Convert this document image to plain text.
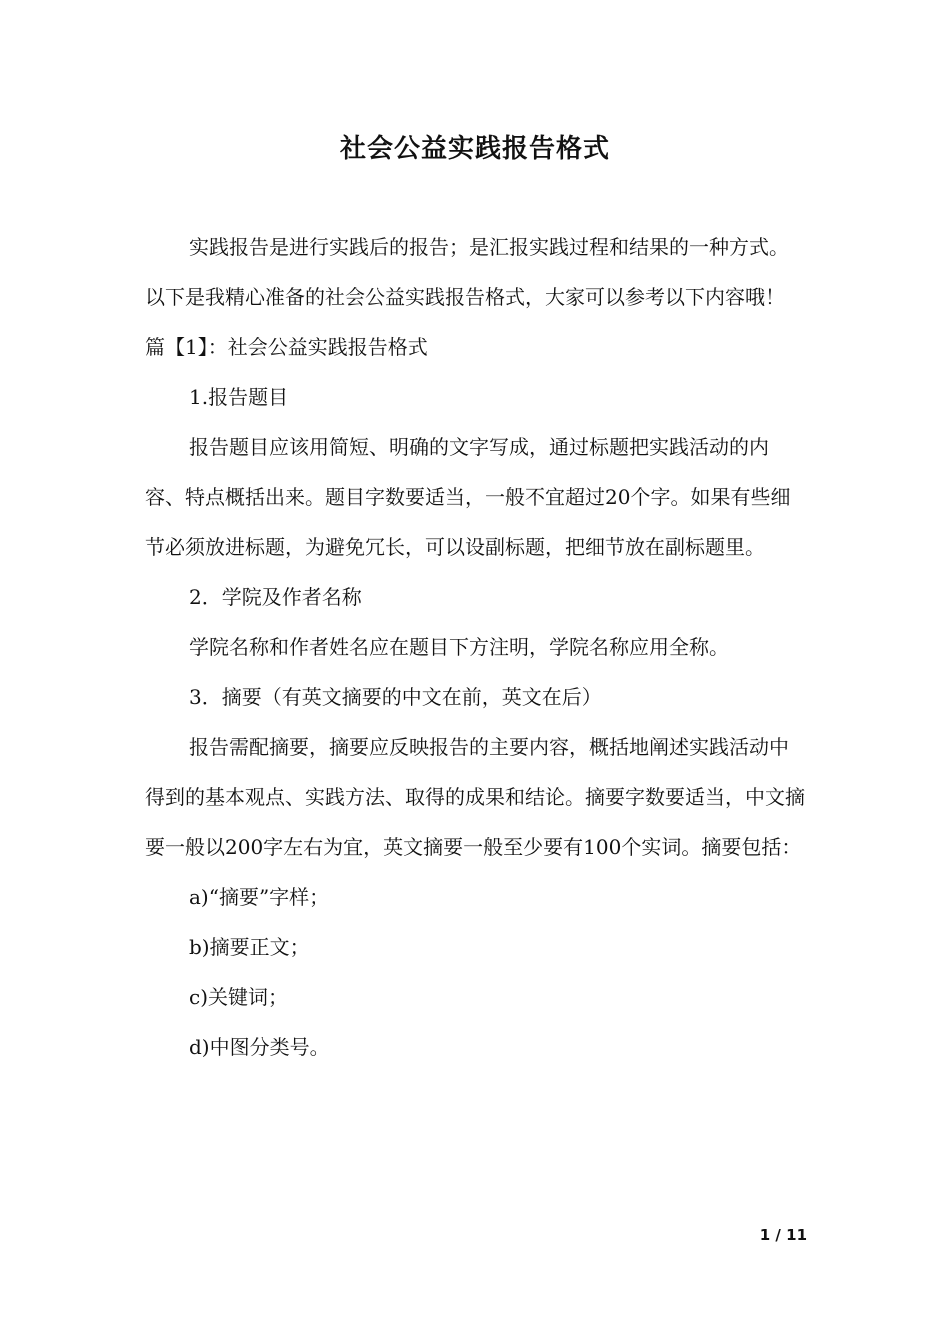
社会公益实践报告格式

实践报告是进行实践后的报告；是汇报实践过程和结果的一种方式。以下是我精心准备的社会公益实践报告格式，大家可以参考以下内容哦！

篇【1】：社会公益实践报告格式

1.报告题目

报告题目应该用简短、明确的文字写成，通过标题把实践活动的内容、特点概括出来。题目字数要适当，一般不宜超过20个字。如果有些细节必须放进标题，为避免冗长，可以设副标题，把细节放在副标题里。

2．学院及作者名称

学院名称和作者姓名应在题目下方注明，学院名称应用全称。

3．摘要（有英文摘要的中文在前，英文在后）

报告需配摘要，摘要应反映报告的主要内容，概括地阐述实践活动中得到的基本观点、实践方法、取得的成果和结论。摘要字数要适当，中文摘要一般以200字左右为宜，英文摘要一般至少要有100个实词。摘要包括：

a)“摘要”字样；

b)摘要正文；

c)关键词；

d)中图分类号。

1 / 11
